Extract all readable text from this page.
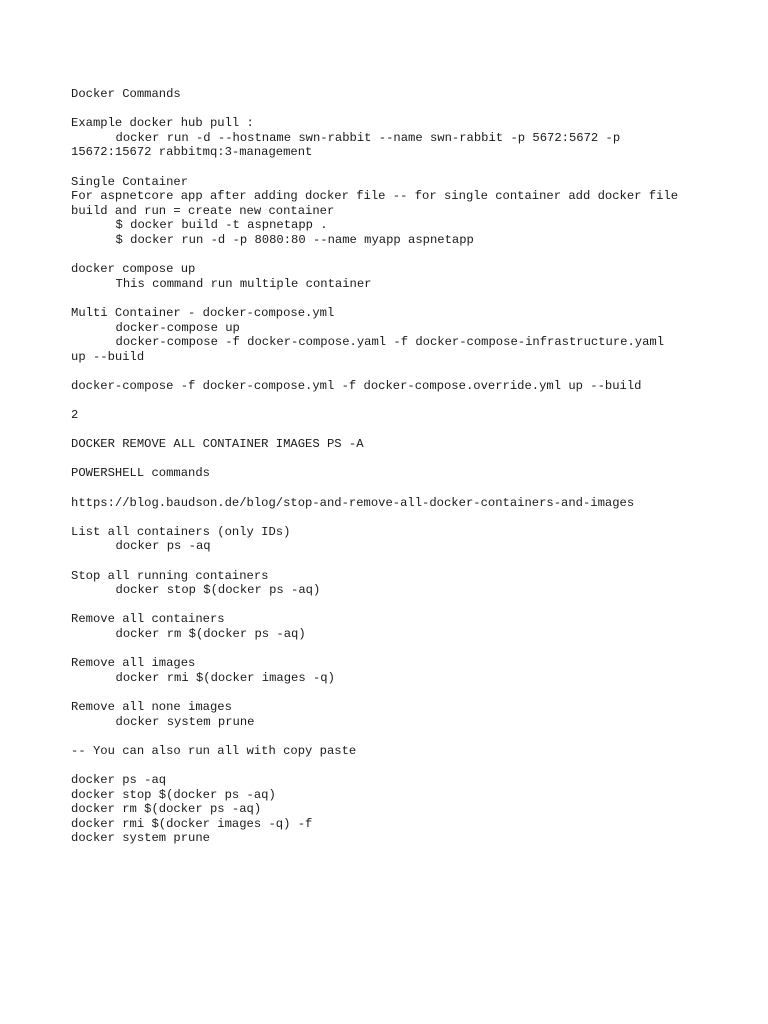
Docker Commands
Example docker hub pull :
docker run -d --hostname swn-rabbit --name swn-rabbit -p 5672:5672 -p
15672:15672 rabbitmq:3-management
Single Container
For aspnetcore app after adding docker file -- for single container add docker file
build and run = create new container
$ docker build -t aspnetapp .
$ docker run -d -p 8080:80 --name myapp aspnetapp
docker compose up
This command run multiple container
Multi Container - docker-compose.yml
docker-compose up
docker-compose -f docker-compose.yaml -f docker-compose-infrastructure.yaml
up --build
docker-compose -f docker-compose.yml -f docker-compose.override.yml up --build
2
DOCKER REMOVE ALL CONTAINER IMAGES PS -A
POWERSHELL commands
https://blog.baudson.de/blog/stop-and-remove-all-docker-containers-and-images
List all containers (only IDs)
docker ps -aq
Stop all running containers
docker stop $(docker ps -aq)
Remove all containers
docker rm $(docker ps -aq)
Remove all images
docker rmi $(docker images -q)
Remove all none images
docker system prune
-- You can also run all with copy paste
docker ps -aq
docker stop $(docker ps -aq)
docker rm $(docker ps -aq)
docker rmi $(docker images -q) -f
docker system prune
